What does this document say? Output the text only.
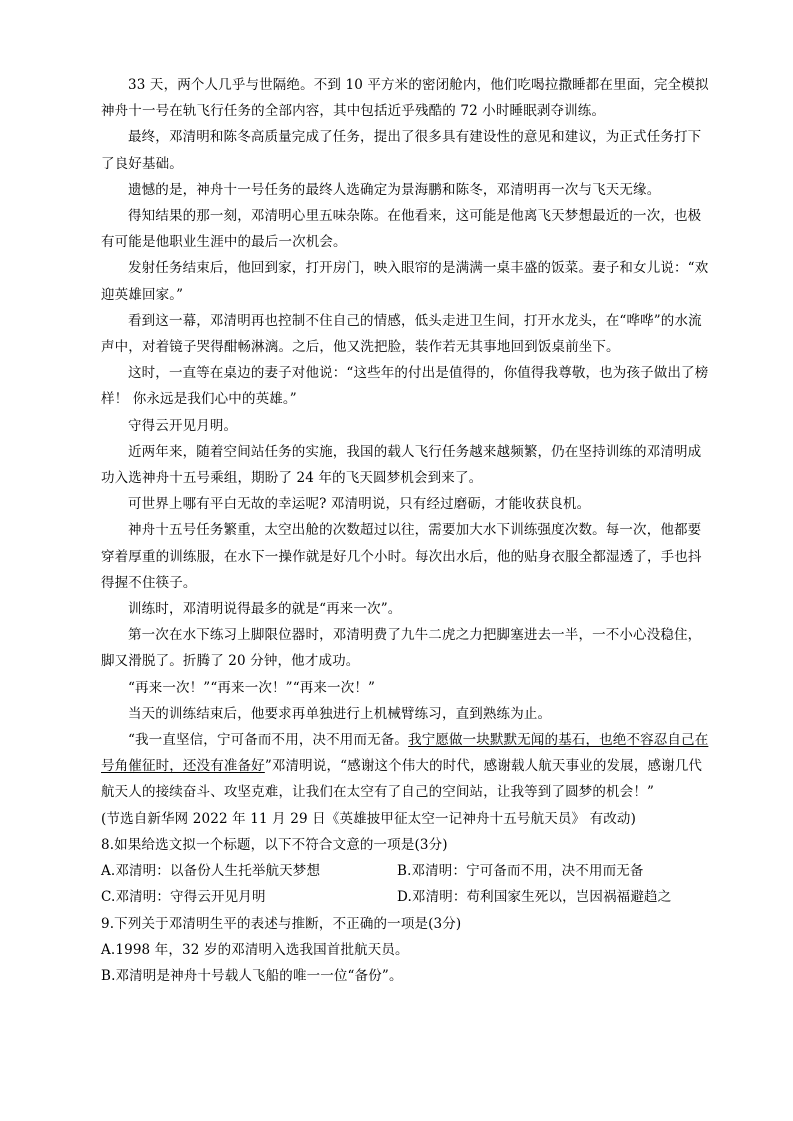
33 天，两个人几乎与世隔绝。不到 10 平方米的密闭舱内，他们吃喝拉撒睡都在里面，完全模拟神舟十一号在轨飞行任务的全部内容，其中包括近乎残酷的 72 小时睡眠剥夺训练。

最终，邓清明和陈冬高质量完成了任务，提出了很多具有建设性的意见和建议，为正式任务打下了良好基础。

遗憾的是，神舟十一号任务的最终人选确定为景海鹏和陈冬，邓清明再一次与飞天无缘。

得知结果的那一刻，邓清明心里五味杂陈。在他看来，这可能是他离飞天梦想最近的一次，也极有可能是他职业生涯中的最后一次机会。

发射任务结束后，他回到家，打开房门，映入眼帘的是满满一桌丰盛的饭菜。妻子和女儿说：“欢迎英雄回家。”

看到这一幕，邓清明再也控制不住自己的情感，低头走进卫生间，打开水龙头，在“哗哗”的水流声中，对着镜子哭得酣畅淋漓。之后，他又洗把脸，装作若无其事地回到饭桌前坐下。

这时，一直等在桌边的妻子对他说：“这些年的付出是值得的，你值得我尊敬，也为孩子做出了榜样！ 你永远是我们心中的英雄。”

守得云开见月明。

近两年来，随着空间站任务的实施，我国的载人飞行任务越来越频繁，仍在坚持训练的邓清明成功入选神舟十五号乘组，期盼了 24 年的飞天圆梦机会到来了。

可世界上哪有平白无故的幸运呢? 邓清明说，只有经过磨砺，才能收获良机。

神舟十五号任务繁重，太空出舱的次数超过以往，需要加大水下训练强度次数。每一次，他都要穿着厚重的训练服，在水下一操作就是好几个小时。每次出水后，他的贴身衣服全都湿透了，手也抖得握不住筷子。

训练时，邓清明说得最多的就是“再来一次”。

第一次在水下练习上脚限位器时，邓清明费了九牛二虎之力把脚塞进去一半，一不小心没稳住，脚又滑脱了。折腾了 20 分钟，他才成功。

“再来一次！”“再来一次！”“再来一次！”

当天的训练结束后，他要求再单独进行上机械臂练习，直到熟练为止。

“我一直坚信，宁可备而不用，决不用而无备。我宁愿做一块默默无闻的基石，也绝不容忍自己在号角催征时，还没有准备好”邓清明说，“感谢这个伟大的时代，感谢载人航天事业的发展，感谢几代航天人的接续奋斗、攻坚克难，让我们在太空有了自己的空间站，让我等到了圆梦的机会！”

(节选自新华网 2022 年 11 月 29 日《英雄披甲征太空一记神舟十五号航天员》 有改动)

8.如果给选文拟一个标题，以下不符合文意的一项是(3分)

A.邓清明：以备份人生托举航天梦想	B.邓清明：宁可备而不用，决不用而无备
C.邓清明：守得云开见月明	D.邓清明：苟利国家生死以，岂因祸福避趋之

9.下列关于邓清明生平的表述与推断，不正确的一项是(3分)

A.1998 年，32 岁的邓清明入选我国首批航天员。

B.邓清明是神舟十号载人飞船的唯一一位“备份”。
